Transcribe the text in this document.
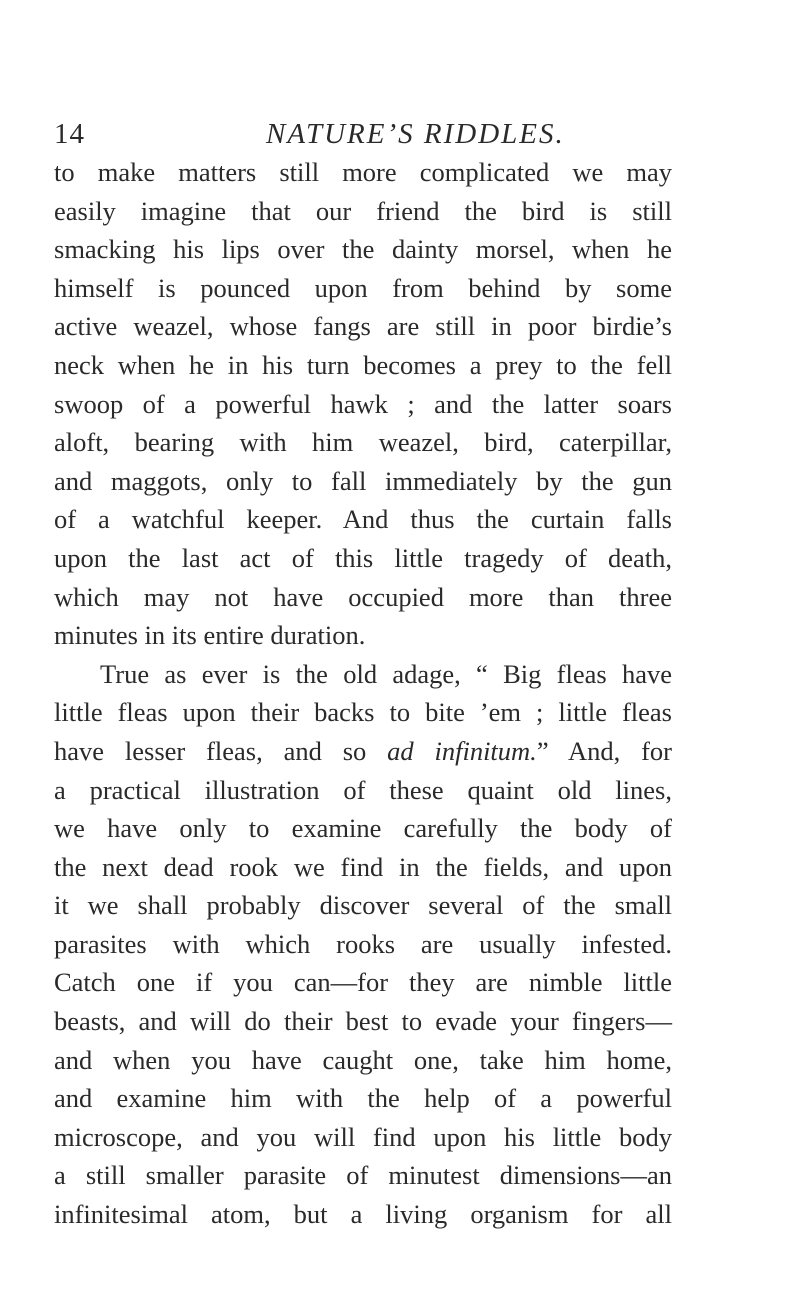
14	NATURE’S RIDDLES.
to make matters still more complicated we may
easily imagine that our friend the bird is still
smacking his lips over the dainty morsel, when he
himself is pounced upon from behind by some
active weazel, whose fangs are still in poor birdie’s
neck when he in his turn becomes a prey to the fell
swoop of a powerful hawk ; and the latter soars
aloft, bearing with him weazel, bird, caterpillar,
and maggots, only to fall immediately by the gun
of a watchful keeper. And thus the curtain falls
upon the last act of this little tragedy of death,
which may not have occupied more than three
minutes in its entire duration.
True as ever is the old adage, “ Big fleas have
little fleas upon their backs to bite ’em ; little fleas
have lesser fleas, and so ad infinitum.” And, for
a practical illustration of these quaint old lines,
we have only to examine carefully the body of
the next dead rook we find in the fields, and upon
it we shall probably discover several of the small
parasites with which rooks are usually infested.
Catch one if you can—for they are nimble little
beasts, and will do their best to evade your fingers—
and when you have caught one, take him home,
and examine him with the help of a powerful
microscope, and you will find upon his little body
a still smaller parasite of minutest dimensions—an
infinitesimal atom, but a living organism for all
